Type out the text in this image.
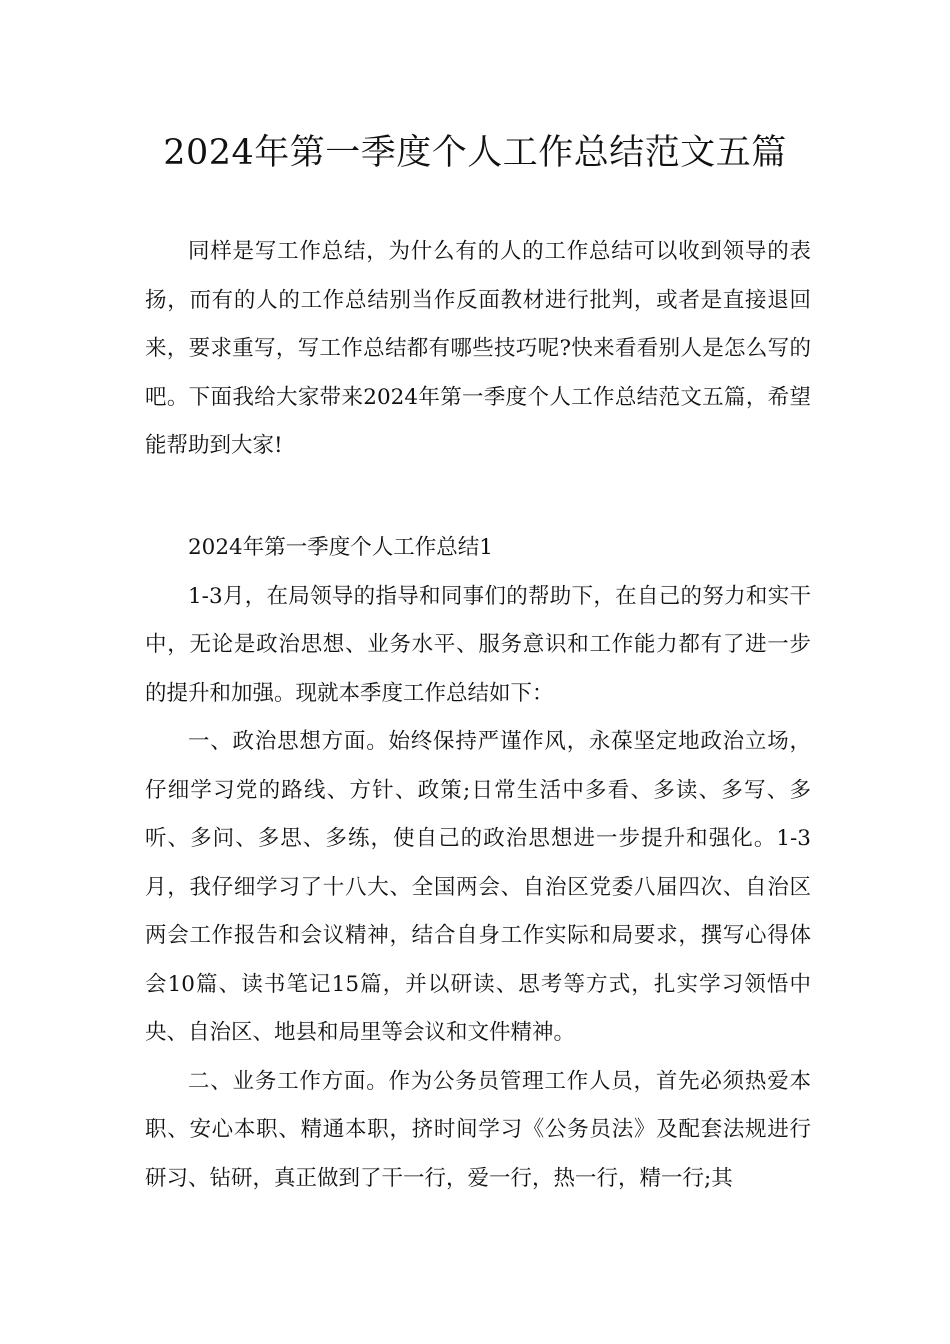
2024年第一季度个人工作总结范文五篇

同样是写工作总结，为什么有的人的工作总结可以收到领导的表扬，而有的人的工作总结别当作反面教材进行批判，或者是直接退回来，要求重写，写工作总结都有哪些技巧呢?快来看看别人是怎么写的吧。下面我给大家带来2024年第一季度个人工作总结范文五篇，希望能帮助到大家!

2024年第一季度个人工作总结1

1-3月，在局领导的指导和同事们的帮助下，在自己的努力和实干中，无论是政治思想、业务水平、服务意识和工作能力都有了进一步的提升和加强。现就本季度工作总结如下：

一、政治思想方面。始终保持严谨作风，永葆坚定地政治立场，仔细学习党的路线、方针、政策;日常生活中多看、多读、多写、多听、多问、多思、多练，使自己的政治思想进一步提升和强化。1-3月，我仔细学习了十八大、全国两会、自治区党委八届四次、自治区两会工作报告和会议精神，结合自身工作实际和局要求，撰写心得体会10篇、读书笔记15篇，并以研读、思考等方式，扎实学习领悟中央、自治区、地县和局里等会议和文件精神。

二、业务工作方面。作为公务员管理工作人员，首先必须热爱本职、安心本职、精通本职，挤时间学习《公务员法》及配套法规进行研习、钻研，真正做到了干一行，爱一行，热一行，精一行;其
